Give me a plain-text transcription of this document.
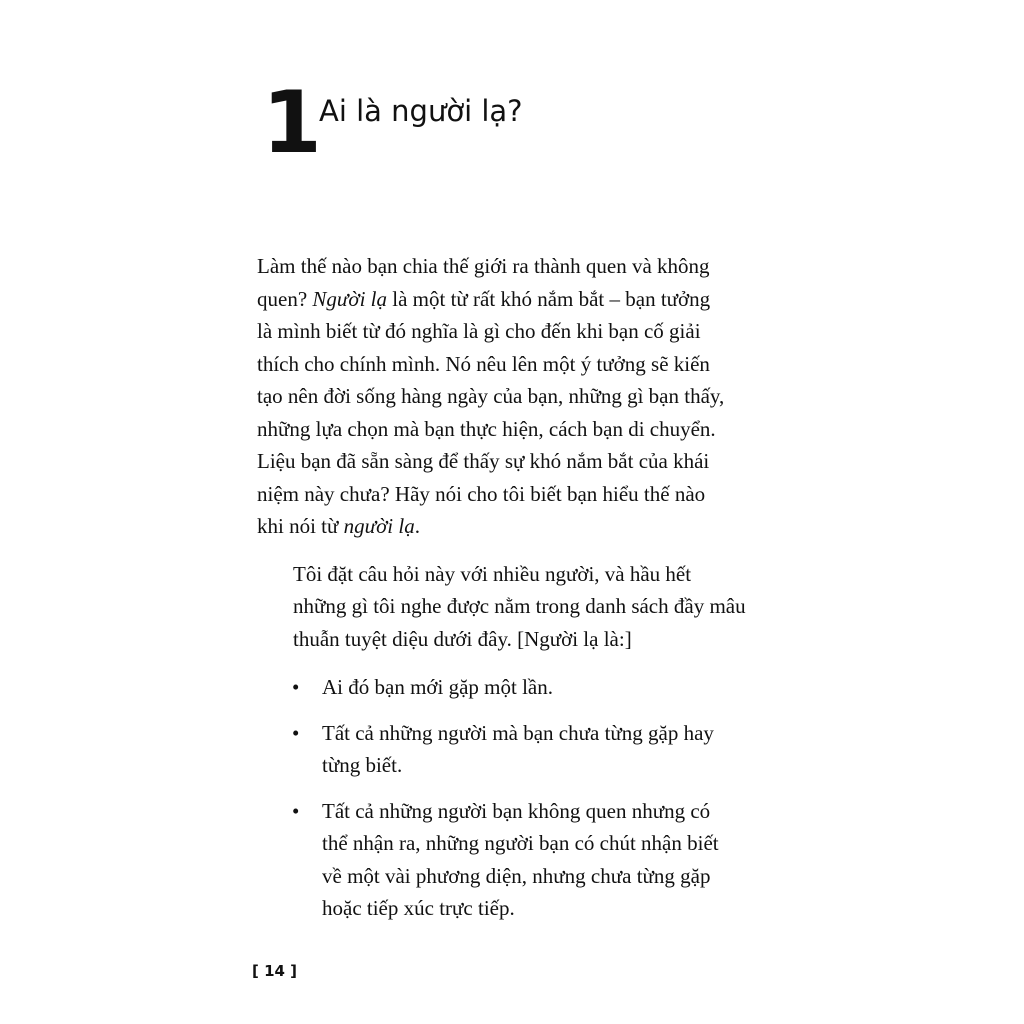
1 Ai là người lạ?

Làm thế nào bạn chia thế giới ra thành quen và không
quen? Người lạ là một từ rất khó nắm bắt – bạn tưởng
là mình biết từ đó nghĩa là gì cho đến khi bạn cố giải
thích cho chính mình. Nó nêu lên một ý tưởng sẽ kiến
tạo nên đời sống hàng ngày của bạn, những gì bạn thấy,
những lựa chọn mà bạn thực hiện, cách bạn di chuyển.
Liệu bạn đã sẵn sàng để thấy sự khó nắm bắt của khái
niệm này chưa? Hãy nói cho tôi biết bạn hiểu thế nào
khi nói từ người lạ.

Tôi đặt câu hỏi này với nhiều người, và hầu hết
những gì tôi nghe được nằm trong danh sách đầy mâu
thuẫn tuyệt diệu dưới đây. [Người lạ là:]

• Ai đó bạn mới gặp một lần.
• Tất cả những người mà bạn chưa từng gặp hay
từng biết.
• Tất cả những người bạn không quen nhưng có
thể nhận ra, những người bạn có chút nhận biết
về một vài phương diện, nhưng chưa từng gặp
hoặc tiếp xúc trực tiếp.
[ 14 ]
